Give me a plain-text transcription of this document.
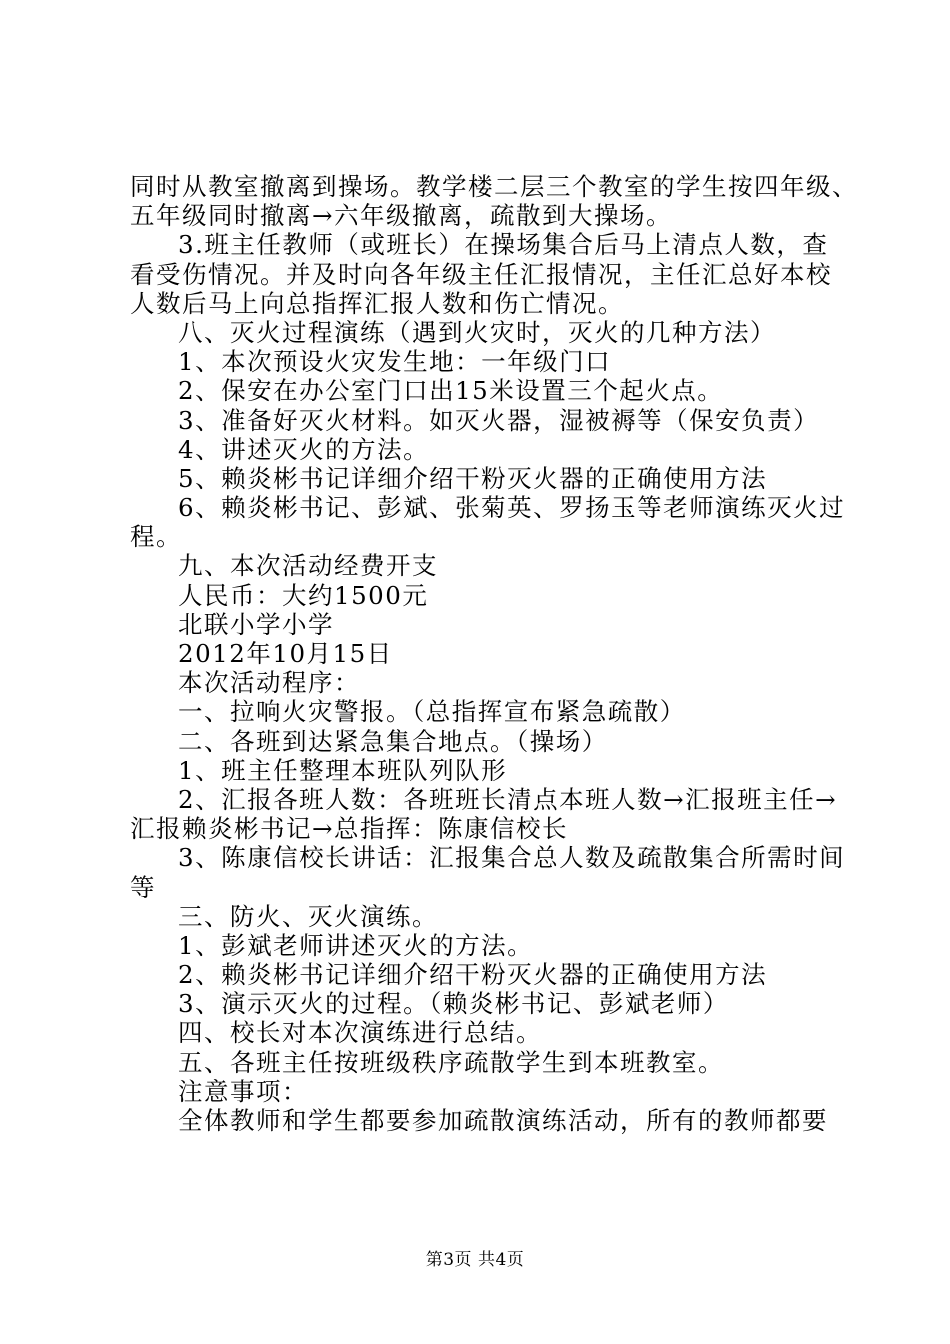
同时从教室撤离到操场。教学楼二层三个教室的学生按四年级、
五年级同时撤离→六年级撤离，疏散到大操场。
3.班主任教师（或班长）在操场集合后马上清点人数，查
看受伤情况。并及时向各年级主任汇报情况，主任汇总好本校
人数后马上向总指挥汇报人数和伤亡情况。
八、灭火过程演练（遇到火灾时，灭火的几种方法）
1、本次预设火灾发生地：一年级门口
2、保安在办公室门口出15米设置三个起火点。
3、准备好灭火材料。如灭火器，湿被褥等（保安负责）
4、讲述灭火的方法。
5、赖炎彬书记详细介绍干粉灭火器的正确使用方法
6、赖炎彬书记、彭斌、张菊英、罗扬玉等老师演练灭火过
程。
九、本次活动经费开支
人民币：大约1500元
北联小学小学
2012年10月15日
本次活动程序：
一、拉响火灾警报。（总指挥宣布紧急疏散）
二、各班到达紧急集合地点。（操场）
1、班主任整理本班队列队形
2、汇报各班人数：各班班长清点本班人数→汇报班主任→
汇报赖炎彬书记→总指挥：陈康信校长
3、陈康信校长讲话：汇报集合总人数及疏散集合所需时间
等
三、防火、灭火演练。
1、彭斌老师讲述灭火的方法。
2、赖炎彬书记详细介绍干粉灭火器的正确使用方法
3、演示灭火的过程。（赖炎彬书记、彭斌老师）
四、校长对本次演练进行总结。
五、各班主任按班级秩序疏散学生到本班教室。
注意事项：
全体教师和学生都要参加疏散演练活动，所有的教师都要
第3页 共4页
